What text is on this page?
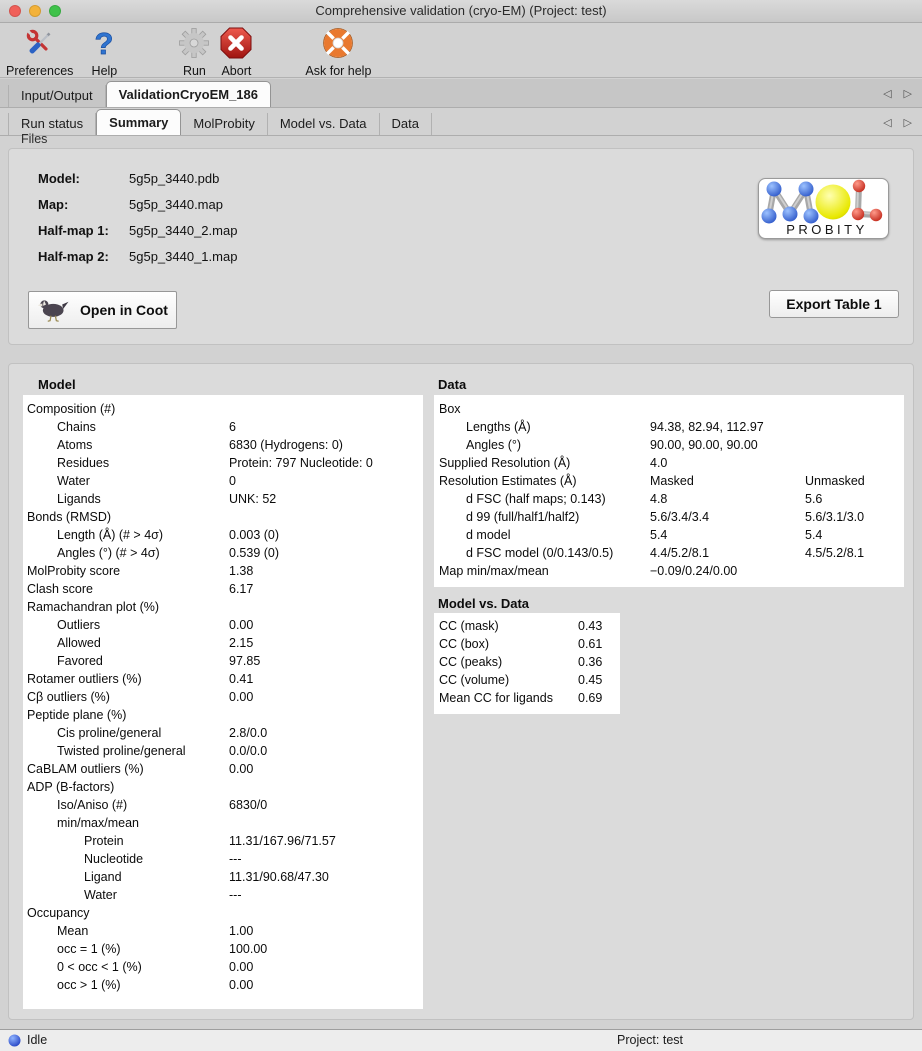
Comprehensive validation (cryo-EM) (Project: test)
Preferences
?
Help	Run Abort	Ask for help
Input/Output	ValidationCryoEM_186	◁ ▷
Run status	Summary	MolProbity	Model vs. Data	Data	◁ ▷
Files
Model:	5g5p_3440.pdb
Map:	5g5p_3440.map
Half-map 1: 5g5p_3440_2.map
Half-map 2: 5g5p_3440_1.map
Open in Coot	Export Table 1
PROBITY
Model
Composition (#)
Chains	6
Atoms	6830 (Hydrogens: 0)
Residues	Protein: 797 Nucleotide: 0
Water	0
Ligands	UNK: 52
Bonds (RMSD)
Length (Å) (# > 4σ)	0.003 (0)
Angles (°) (# > 4σ)	0.539 (0)
MolProbity score	1.38
Clash score	6.17
Ramachandran plot (%)
Outliers	0.00
Allowed	2.15
Favored	97.85
Rotamer outliers (%)	0.41
Cβ outliers (%)	0.00
Peptide plane (%)
Cis proline/general	2.8/0.0
Twisted proline/general	0.0/0.0
CaBLAM outliers (%)	0.00
ADP (B-factors)
Iso/Aniso (#)	6830/0
min/max/mean
Protein	11.31/167.96/71.57
Nucleotide	---
Ligand	11.31/90.68/47.30
Water	---
Occupancy
Mean	1.00
occ = 1 (%)	100.00
0 < occ < 1 (%)	0.00
occ > 1 (%)	0.00
Data
Box
Lengths (Å)	94.38, 82.94, 112.97
Angles (°)	90.00, 90.00, 90.00
Supplied Resolution (Å)	4.0
Resolution Estimates (Å)	Masked	Unmasked
d FSC (half maps; 0.143)	4.8	5.6
d 99 (full/half1/half2)	5.6/3.4/3.4	5.6/3.1/3.0
d model	5.4	5.4
d FSC model (0/0.143/0.5)	4.4/5.2/8.1	4.5/5.2/8.1
Map min/max/mean	−0.09/0.24/0.00
Model vs. Data
CC (mask)	0.43
CC (box)	0.61
CC (peaks)	0.36
CC (volume)	0.45
Mean CC for ligands 0.69
Idle	Project: test
